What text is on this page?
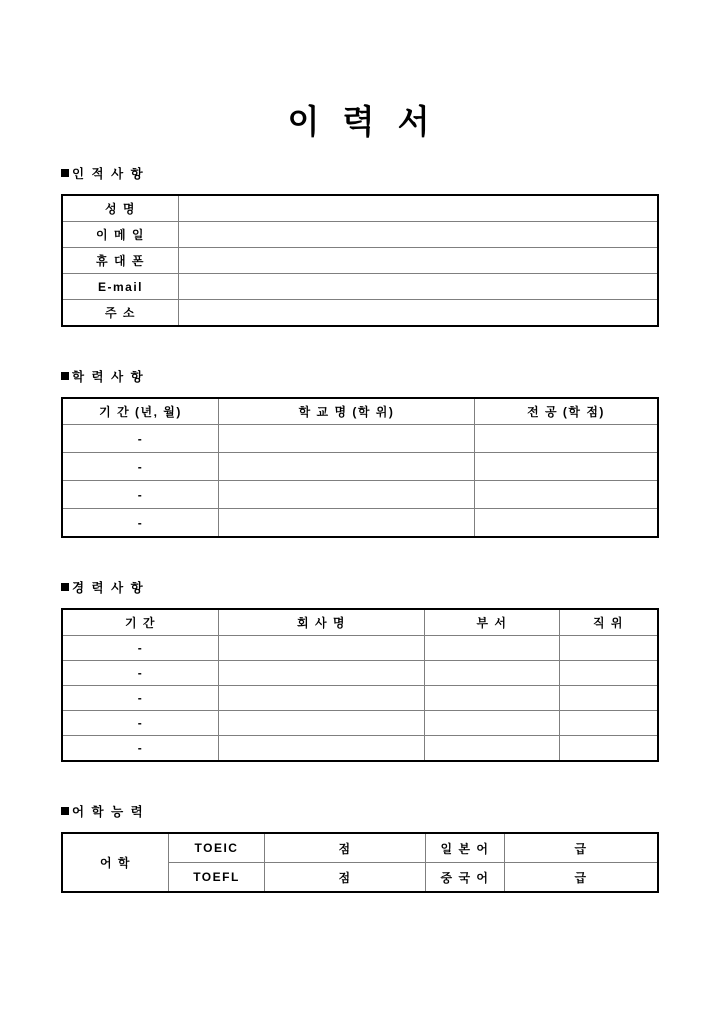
이 력 서
인 적 사 항
성 명	
이 메 일	
휴 대 폰	
E-mail	
주 소	
학 력 사 항
기 간 (년, 월)	학 교 명 (학 위)	전 공 (학 점)
-		
-		
-		
-		
경 력 사 항
기 간	회 사 명	부 서	직 위
-			
-			
-			
-			
-			
어 학 능 력
어 학	TOEIC	점	일 본 어	급
	TOEFL	점	중 국 어	급
